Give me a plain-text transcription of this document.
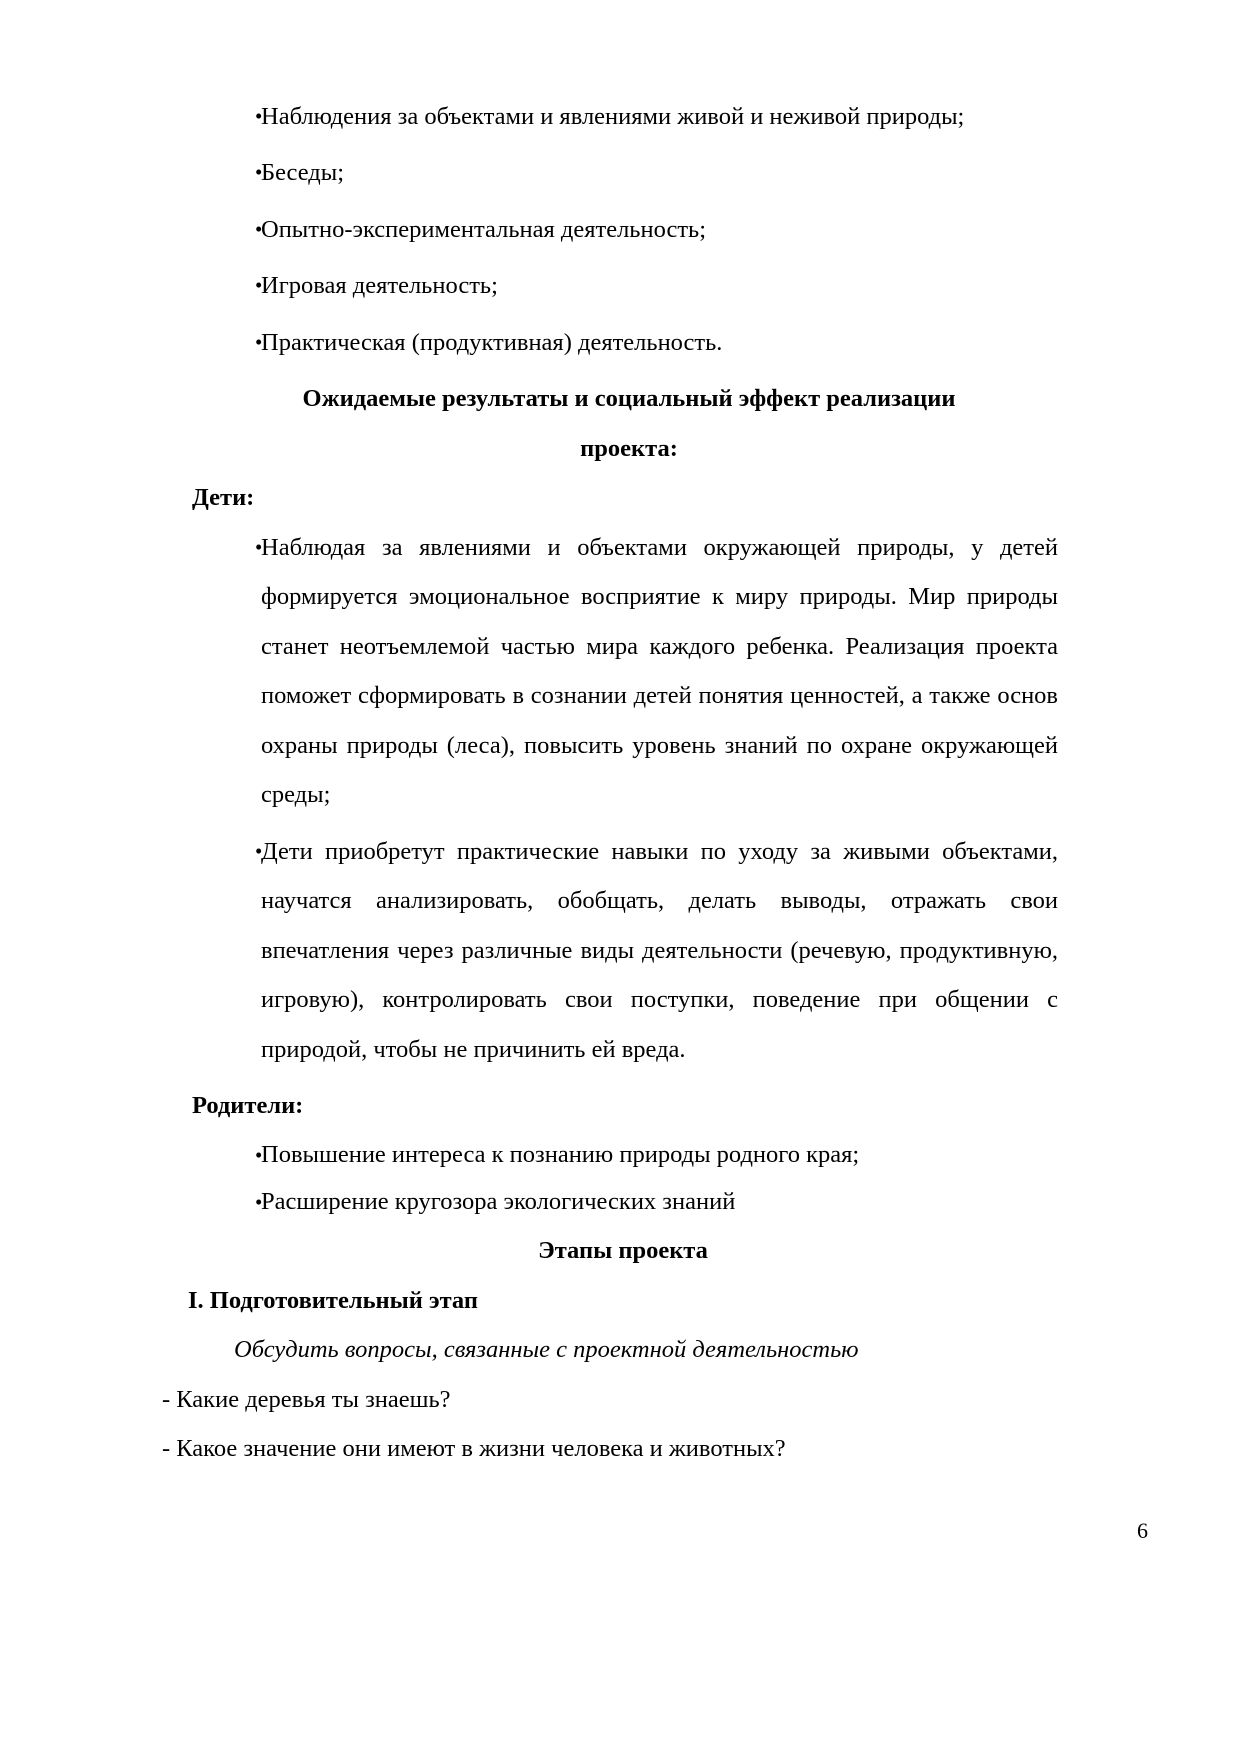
• Наблюдения за объектами и явлениями живой и неживой природы;
• Беседы;
• Опытно-экспериментальная деятельность;
• Игровая деятельность;
• Практическая (продуктивная) деятельность.

Ожидаемые результаты и социальный эффект реализации

проекта:

Дети:

• Наблюдая за явлениями и объектами окружающей природы, у детей формируется эмоциональное восприятие к миру природы. Мир природы станет неотъемлемой частью мира каждого ребенка. Реализация проекта поможет сформировать в сознании детей понятия ценностей, а также основ охраны природы (леса), повысить уровень знаний по охране окружающей среды;
• Дети приобретут практические навыки по уходу за живыми объектами, научатся анализировать, обобщать, делать выводы, отражать свои впечатления через различные виды деятельности (речевую, продуктивную, игровую), контролировать свои поступки, поведение при общении с природой, чтобы не причинить ей вреда.

Родители:

• Повышение интереса к познанию природы родного края;
• Расширение кругозора экологических знаний

Этапы проекта

I. Подготовительный этап

Обсудить вопросы, связанные с проектной деятельностью

- Какие деревья ты знаешь?

- Какое значение они имеют в жизни человека и животных?

6
